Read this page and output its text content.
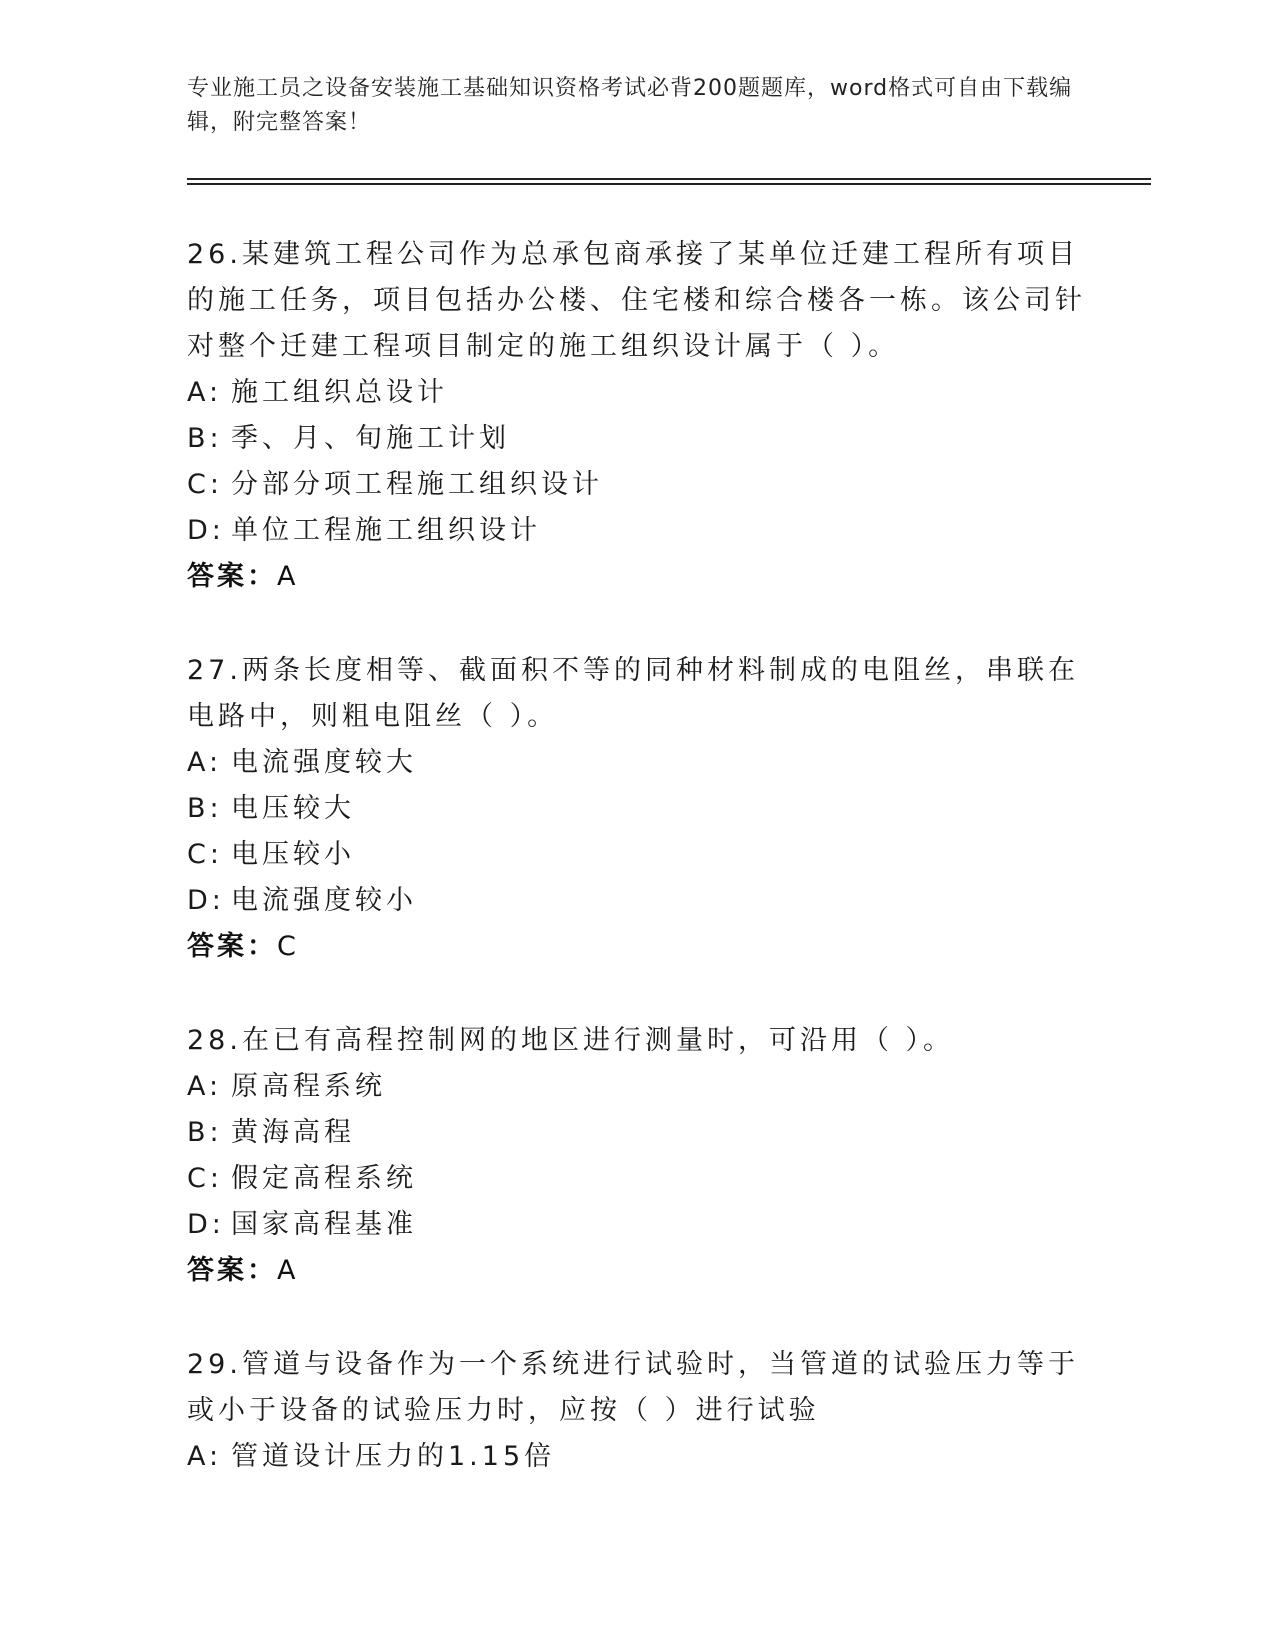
专业施工员之设备安装施工基础知识资格考试必背200题题库，word格式可自由下载编辑，附完整答案！

26.某建筑工程公司作为总承包商承接了某单位迁建工程所有项目的施工任务，项目包括办公楼、住宅楼和综合楼各一栋。该公司针对整个迁建工程项目制定的施工组织设计属于（ ）。

A: 施工组织总设计

B: 季、月、旬施工计划

C: 分部分项工程施工组织设计

D: 单位工程施工组织设计

答案：A

27.两条长度相等、截面积不等的同种材料制成的电阻丝，串联在电路中，则粗电阻丝（ ）。

A: 电流强度较大

B: 电压较大

C: 电压较小

D: 电流强度较小

答案：C

28.在已有高程控制网的地区进行测量时，可沿用（ ）。

A: 原高程系统

B: 黄海高程

C: 假定高程系统

D: 国家高程基准

答案：A

29.管道与设备作为一个系统进行试验时，当管道的试验压力等于或小于设备的试验压力时，应按（ ）进行试验

A: 管道设计压力的1.15倍
